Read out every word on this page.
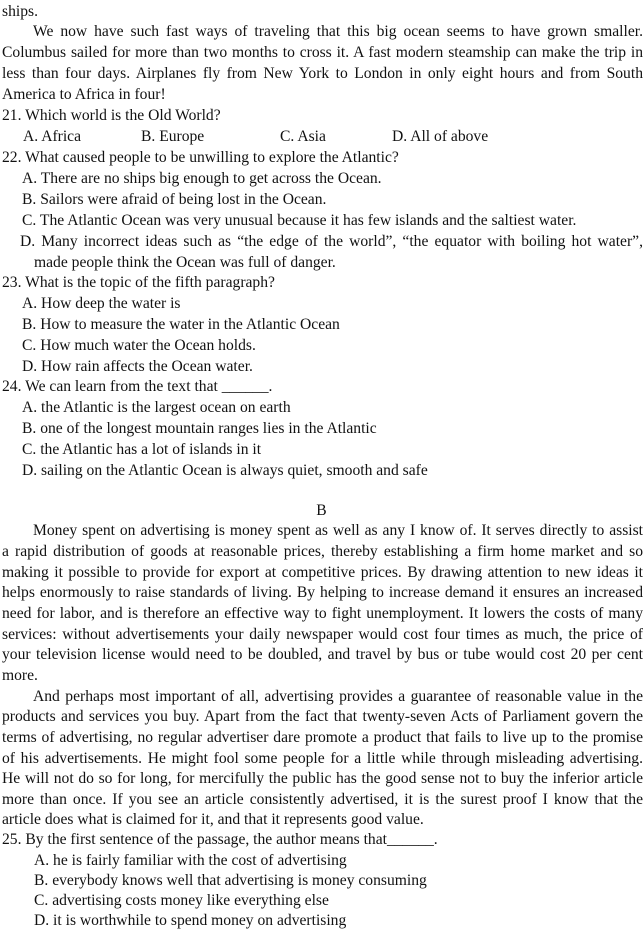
ships.
We now have such fast ways of traveling that this big ocean seems to have grown smaller.
Columbus sailed for more than two months to cross it. A fast modern steamship can make the trip in
less than four days. Airplanes fly from New York to London in only eight hours and from South
America to Africa in four!
21. Which world is the Old World?
A. Africa	B. Europe	C. Asia	D. All of above
22. What caused people to be unwilling to explore the Atlantic?
A. There are no ships big enough to get across the Ocean.
B. Sailors were afraid of being lost in the Ocean.
C. The Atlantic Ocean was very unusual because it has few islands and the saltiest water.
D. Many incorrect ideas such as “the edge of the world”, “the equator with boiling hot water”,
made people think the Ocean was full of danger.
23. What is the topic of the fifth paragraph?
A. How deep the water is
B. How to measure the water in the Atlantic Ocean
C. How much water the Ocean holds.
D. How rain affects the Ocean water.
24. We can learn from the text that ______.
A. the Atlantic is the largest ocean on earth
B. one of the longest mountain ranges lies in the Atlantic
C. the Atlantic has a lot of islands in it
D. sailing on the Atlantic Ocean is always quiet, smooth and safe
B
Money spent on advertising is money spent as well as any I know of. It serves directly to assist
a rapid distribution of goods at reasonable prices, thereby establishing a firm home market and so
making it possible to provide for export at competitive prices. By drawing attention to new ideas it
helps enormously to raise standards of living. By helping to increase demand it ensures an increased
need for labor, and is therefore an effective way to fight unemployment. It lowers the costs of many
services: without advertisements your daily newspaper would cost four times as much, the price of
your television license would need to be doubled, and travel by bus or tube would cost 20 per cent
more.
And perhaps most important of all, advertising provides a guarantee of reasonable value in the
products and services you buy. Apart from the fact that twenty-seven Acts of Parliament govern the
terms of advertising, no regular advertiser dare promote a product that fails to live up to the promise
of his advertisements. He might fool some people for a little while through misleading advertising.
He will not do so for long, for mercifully the public has the good sense not to buy the inferior article
more than once. If you see an article consistently advertised, it is the surest proof I know that the
article does what is claimed for it, and that it represents good value.
25. By the first sentence of the passage, the author means that______.
A. he is fairly familiar with the cost of advertising
B. everybody knows well that advertising is money consuming
C. advertising costs money like everything else
D. it is worthwhile to spend money on advertising
